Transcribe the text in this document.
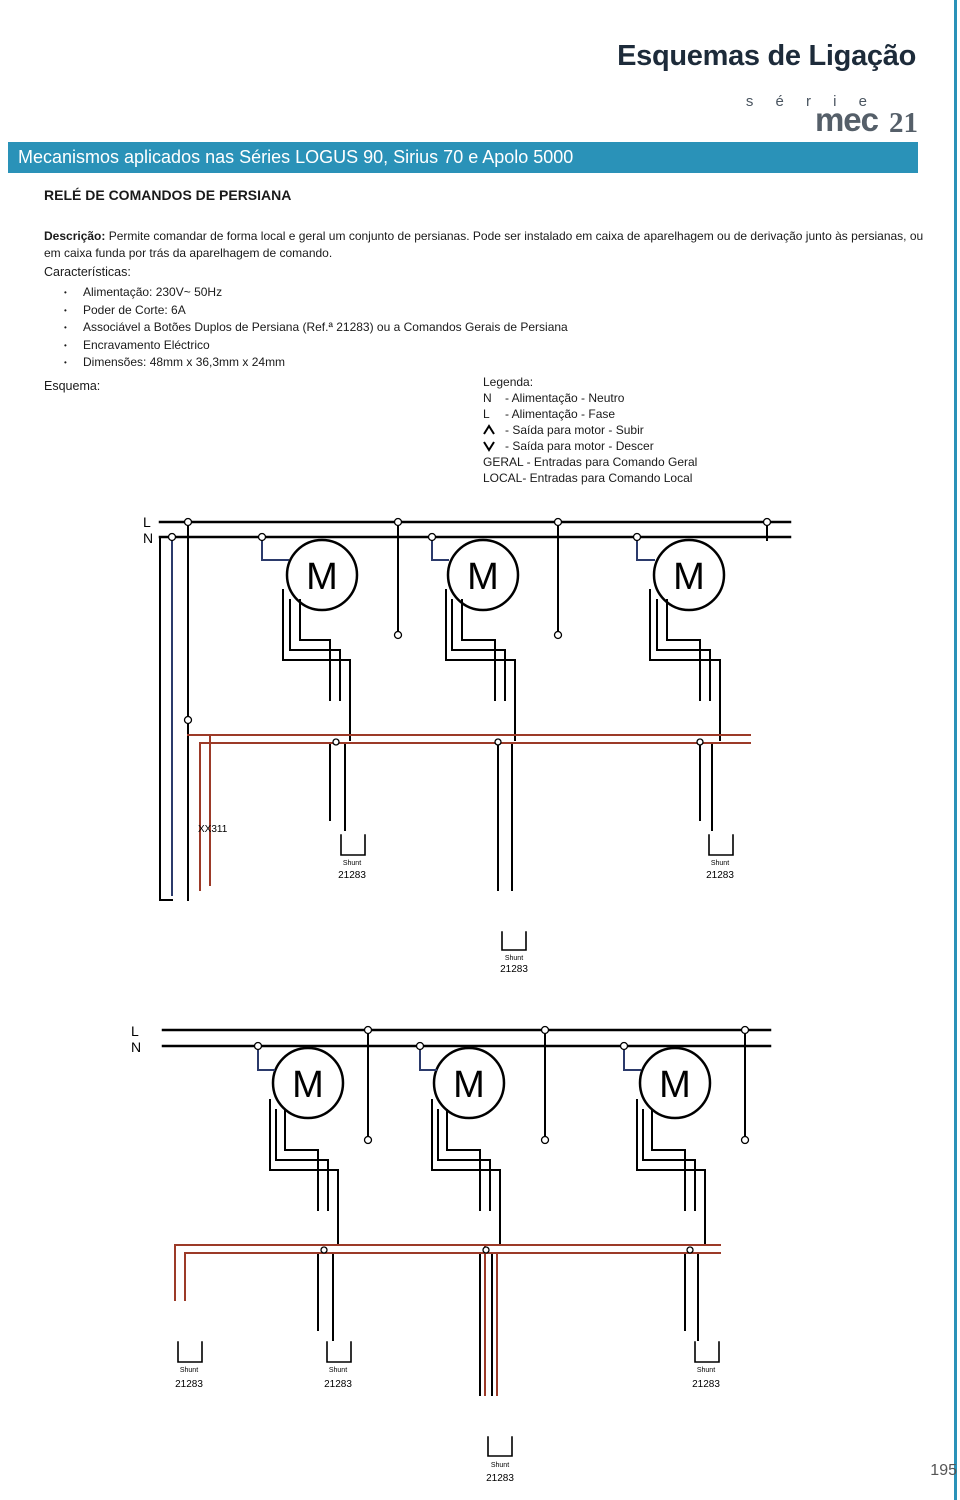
Esquemas de Ligação
s é r i e
mec 21
Mecanismos aplicados nas Séries LOGUS 90, Sirius 70 e Apolo 5000
RELÉ DE COMANDOS DE PERSIANA
Descrição: Permite comandar de forma local e geral um conjunto de persianas. Pode ser instalado em caixa de aparelhagem ou de derivação junto às persianas, ou em caixa funda por trás da aparelhagem de comando.
Características:
• Alimentação: 230V~ 50Hz
• Poder de Corte: 6A
• Associável a Botões Duplos de Persiana (Ref.ª 21283) ou a Comandos Gerais de Persiana
• Encravamento Eléctrico
• Dimensões: 48mm x 36,3mm x 24mm
Esquema:	Legenda:
N - Alimentação - Neutro
L - Alimentação - Fase
- Saída para motor - Subir
- Saída para motor - Descer
GERAL - Entradas para Comando Geral
LOCAL- Entradas para Comando Local
L
N
M	M	M
XX311
Shunt
21283
Shunt
21283
Shunt
21283
L
N
M	M	M
Shunt
21283
Shunt
21283
Shunt
21283
Shunt
21283	195
